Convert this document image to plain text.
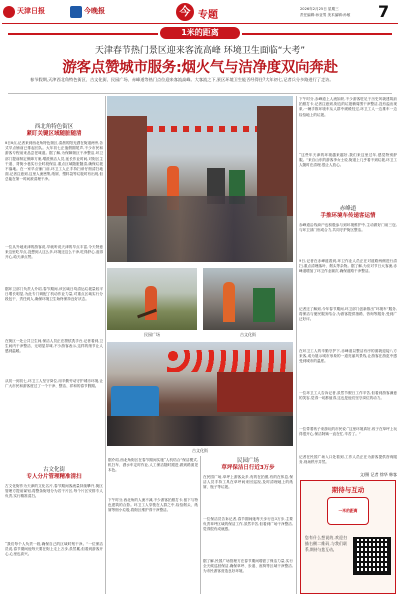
天津日报	今晚报	今 专题
2026年2月25日 星期三
责任编辑:孙亚男 美术编辑:孙敏 7
1米的距离
天津春节热门景区迎来客流高峰 环境卫生面临“大考”
游客点赞城市服务:烟火气与洁净度双向奔赴
春节假期,天津西北角特色街区、古文化街、民园广场、赤峰道等热门点位迎来客流高峰。大客流之下,景区环境卫生能否经得住?大年初七,记者兵分多路进行了走访。
西北角特色街区
紧盯关键区域随脏随清
8日8点,记者来到西北角特色街区,清晨的阳光洒在街道两旁,各式早点铺前已排起长队。大年初七正值假期尾声,不少市民和游客专程前来品尝老味道。据了解,为保障街区干净整洁,环卫部门提前制定保障方案,增派保洁人员,延长作业时间,对街区主干道、背街小巷实行全时段保洁,重点区域随脏随清,确保垃圾不落地。在一家早点铺门前,环卫工人正手持扫帚仔细清扫地面,记者注意到,这里人流密集,纸屑、塑料袋等垃圾时有出现,但总能在第一时间被清理干净。
一位从外地来津的游客说,早就听说天津的早点丰富,今天特意来这里吃早点,没想到人这么多,环境还这么干净,吃得舒心,逛得开心,给天津点赞。
据环卫部门负责人介绍,春节期间,该区域日均清运垃圾量较平日增长明显,为此专门调配了机动作业力量,对重点区域实行分段包干、责任到人,确保环境卫生始终保持良好状态。
在街区一处公共卫生间,保洁人员正在擦拭洗手台,记者看到,卫生间内干净整洁、无明显异味,不少游客表示,这样的细节让人感到温暖。
从初一到初七,环卫工人坚守岗位,用辛勤劳动守护城市环境,让广大市民和游客度过了一个干净、整洁、祥和的春节假期。
古文化街
专人分片管理精准清扫
古文化街作为天津的文化名片,春节期间客流量持续攀升,街区管理方提前谋划,将整条街划分为若干片区,每个片区安排专人负责,实行精准清扫。
“我们每个人负责一段,确保自己的区域时刻干净。”一位保洁员说,春节期间他每天要在街上走上万步,虽然累,但看到游客开心,心里也高兴。
民园广场	古文化街
古文化街
据介绍,西北角街区在春节期间实施“人机结合”保洁模式,机扫车、洒水车定时作业,人工保洁随时跟进,做到路面见本色。
下午时分,西北角的人流不减,不少游客拍照打卡,留下与特色建筑的合影。环卫工人穿梭在人群之中,捡拾烟头、纸屑等细小垃圾,将街区维护得干净整洁。
民园广场
草坪保洁日行近3万步
在民园广场,草坪上游客众多,有的在拍照,有的在休息,保洁人员手持工具在草坪间来回巡视,及时清理地上的纸屑、瓶子等垃圾。
一位保洁员告诉记者,春节期间她每天步行近3万步,主要负责草坪区域的保洁工作,虽然辛苦,但看到广场干净整洁,觉得很有成就感。
据了解,民园广场管理方在春节期间增派了保洁力量,实行全天候巡回保洁,确保草坪、步道、座椅等区域干净整洁,为市民游客营造良好环境。
下午时分,赤峰道上人流如织,不少游客驻足于历史风貌建筑前拍照打卡,记者注意到,街边的垃圾桶周围干净整洁,没有溢出现象,一辆手推环境车从人群中缓缓经过,环卫工人一边推车一边捡拾地上的垃圾。
“这些年天津的环境越来越好,我们来这里过年,感觉特别舒服。”来自山东的游客李女士说,街道上几乎看不到垃圾,环卫工人随时在清理,很让人放心。
赤峰道
手推环境车传递客运情
赤峰道沿线商户也积极参与到环境维护中,主动做好门前三包,与环卫部门形成合力,共同守护街区整洁。
9日,记者在赤峰道看到,环卫作业人员正在对道路两侧进行清扫,重点清理落叶、烟头等杂物。据了解,为应对节日大客流,赤峰道增加了环卫作业频次,确保道路干净整洁。
记者还了解到,今年春节期间,环卫部门创新推出“环境车”服务,将保洁与便民服务结合,为游客提供指路、咨询等服务,受到广泛好评。
在环卫工人的辛勤守护下,赤峰道以整洁有序的面貌迎接八方来客,成为展示城市形象的一道亮丽风景线,让游客在游览中感受到城市的温度。
一位环卫工人告诉记者,虽然节假日工作辛苦,但看到游客满意的笑容,觉得一切都值得,这也是他们坚守岗位的动力。
一位带着孩子来游玩的市民说:“这里环境真好,孩子在草坪上玩得很开心,保洁阿姨一直在忙,辛苦了。”
记者在民园广场入口处看到,工作人员正在为游客提供咨询服务,现场秩序井然。
文/摄 记者 徐华 韩客
期待与互动
一米的距离
您有什么想说的,欢迎扫描右侧二维码,与我们联系,期待与您互动。
